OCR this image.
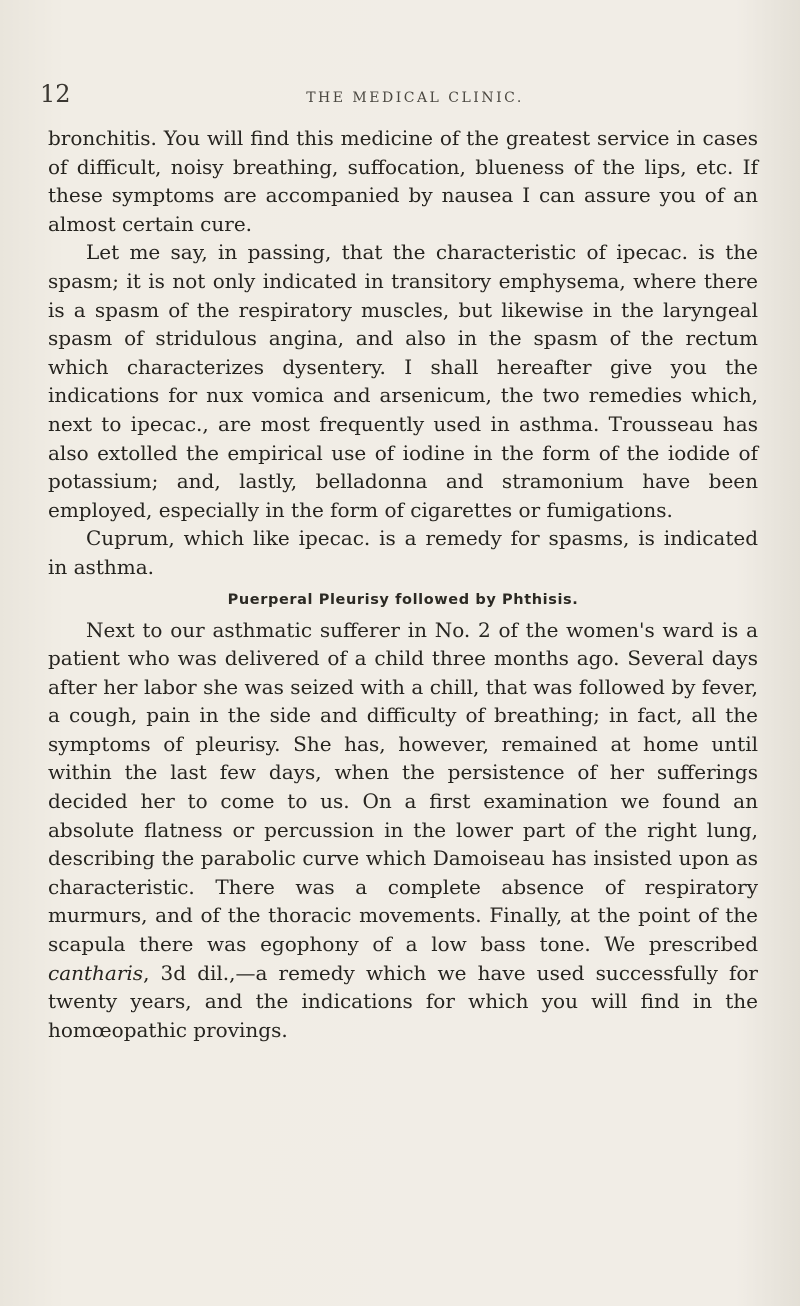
12	THE MEDICAL CLINIC.

bronchitis. You will find this medicine of the greatest service in cases of difficult, noisy breathing, suffocation, blueness of the lips, etc. If these symptoms are accompanied by nausea I can assure you of an almost certain cure.

Let me say, in passing, that the characteristic of ipecac. is the spasm; it is not only indicated in transitory emphysema, where there is a spasm of the respiratory muscles, but likewise in the laryngeal spasm of stridulous angina, and also in the spasm of the rectum which characterizes dysentery. I shall hereafter give you the indications for nux vomica and arsenicum, the two remedies which, next to ipecac., are most frequently used in asthma. Trousseau has also extolled the empirical use of iodine in the form of the iodide of potassium; and, lastly, belladonna and stramonium have been employed, especially in the form of cigarettes or fumigations.

Cuprum, which like ipecac. is a remedy for spasms, is indicated in asthma.

Puerperal Pleurisy followed by Phthisis.

Next to our asthmatic sufferer in No. 2 of the women's ward is a patient who was delivered of a child three months ago. Several days after her labor she was seized with a chill, that was followed by fever, a cough, pain in the side and difficulty of breathing; in fact, all the symptoms of pleurisy. She has, however, remained at home until within the last few days, when the persistence of her sufferings decided her to come to us. On a first examination we found an absolute flatness or percussion in the lower part of the right lung, describing the parabolic curve which Damoiseau has insisted upon as characteristic. There was a complete absence of respiratory murmurs, and of the thoracic movements. Finally, at the point of the scapula there was egophony of a low bass tone. We prescribed cantharis, 3d dil.,—a remedy which we have used successfully for twenty years, and the indications for which you will find in the homœopathic provings.
